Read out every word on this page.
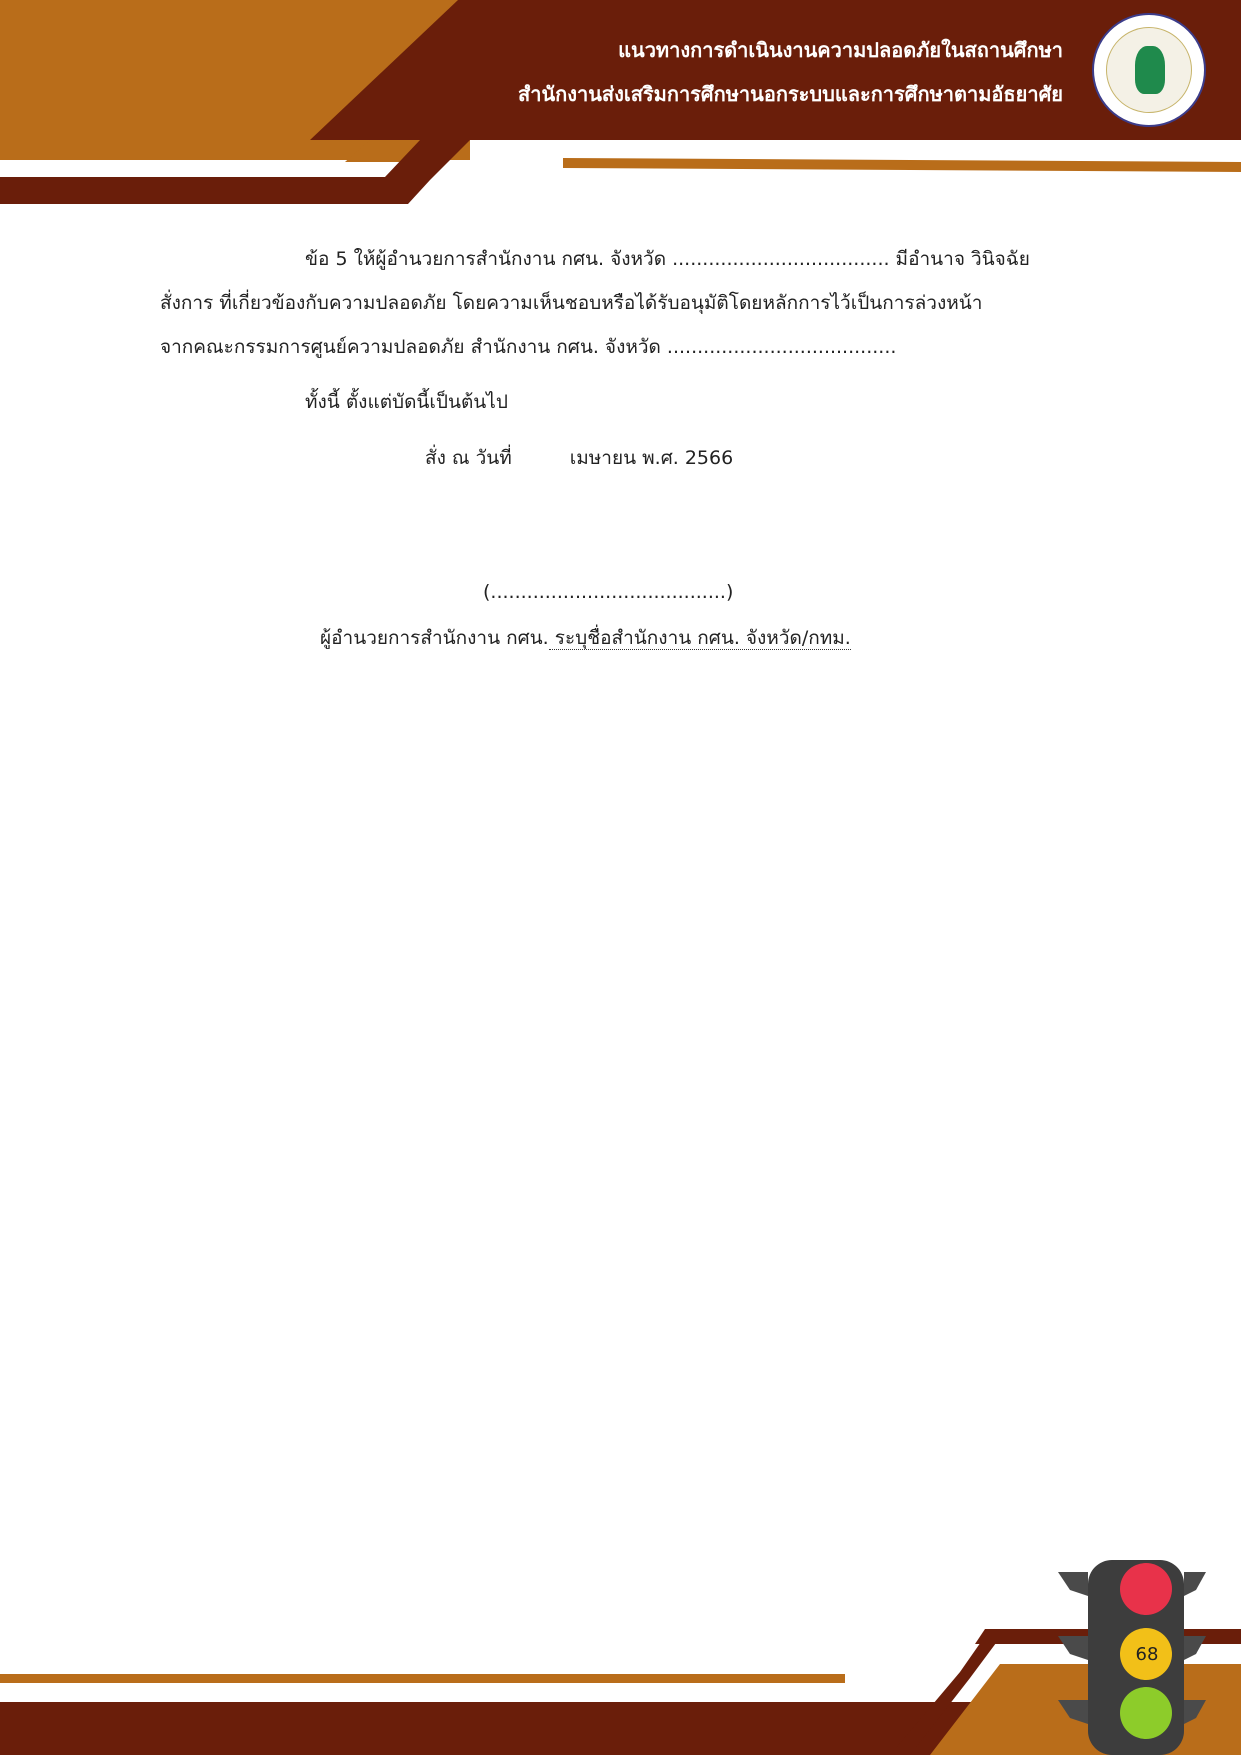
แนวทางการดำเนินงานความปลอดภัยในสถานศึกษา
สำนักงานส่งเสริมการศึกษานอกระบบและการศึกษาตามอัธยาศัย
ข้อ 5 ให้ผู้อำนวยการสำนักงาน กศน. จังหวัด .................................... มีอำนาจ วินิจฉัย
สั่งการ ที่เกี่ยวข้องกับความปลอดภัย โดยความเห็นชอบหรือได้รับอนุมัติโดยหลักการไว้เป็นการล่วงหน้า
จากคณะกรรมการศูนย์ความปลอดภัย สำนักงาน กศน. จังหวัด ......................................
ทั้งนี้ ตั้งแต่บัดนี้เป็นต้นไป
สั่ง ณ วันที่	เมษายน พ.ศ. 2566
(.......................................)
ผู้อำนวยการสำนักงาน กศน. ระบุชื่อสำนักงาน กศน. จังหวัด/กทม.
68
